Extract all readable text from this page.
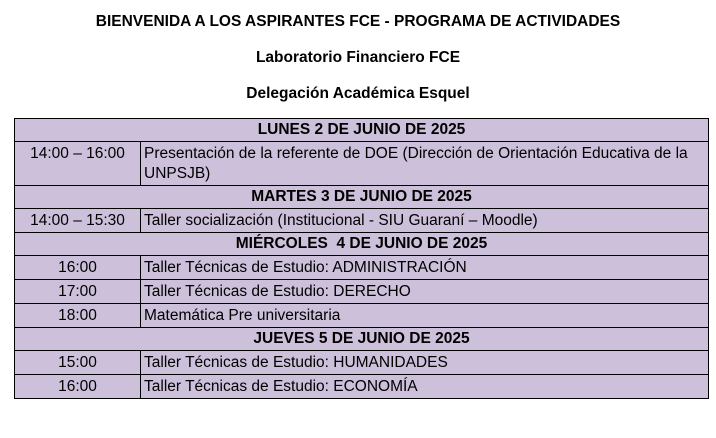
BIENVENIDA A LOS ASPIRANTES FCE - PROGRAMA DE ACTIVIDADES
Laboratorio Financiero FCE
Delegación Académica Esquel
LUNES 2 DE JUNIO DE 2025	
14:00 – 16:00	Presentación de la referente de DOE (Dirección de Orientación Educativa de la UNPSJB)
MARTES 3 DE JUNIO DE 2025	
14:00 – 15:30	Taller socialización (Institucional - SIU Guaraní – Moodle)
MIÉRCOLES  4 DE JUNIO DE 2025	
16:00	Taller Técnicas de Estudio: ADMINISTRACIÓN
17:00	Taller Técnicas de Estudio: DERECHO
18:00	Matemática Pre universitaria
JUEVES 5 DE JUNIO DE 2025	
15:00	Taller Técnicas de Estudio: HUMANIDADES
16:00	Taller Técnicas de Estudio: ECONOMÍA
